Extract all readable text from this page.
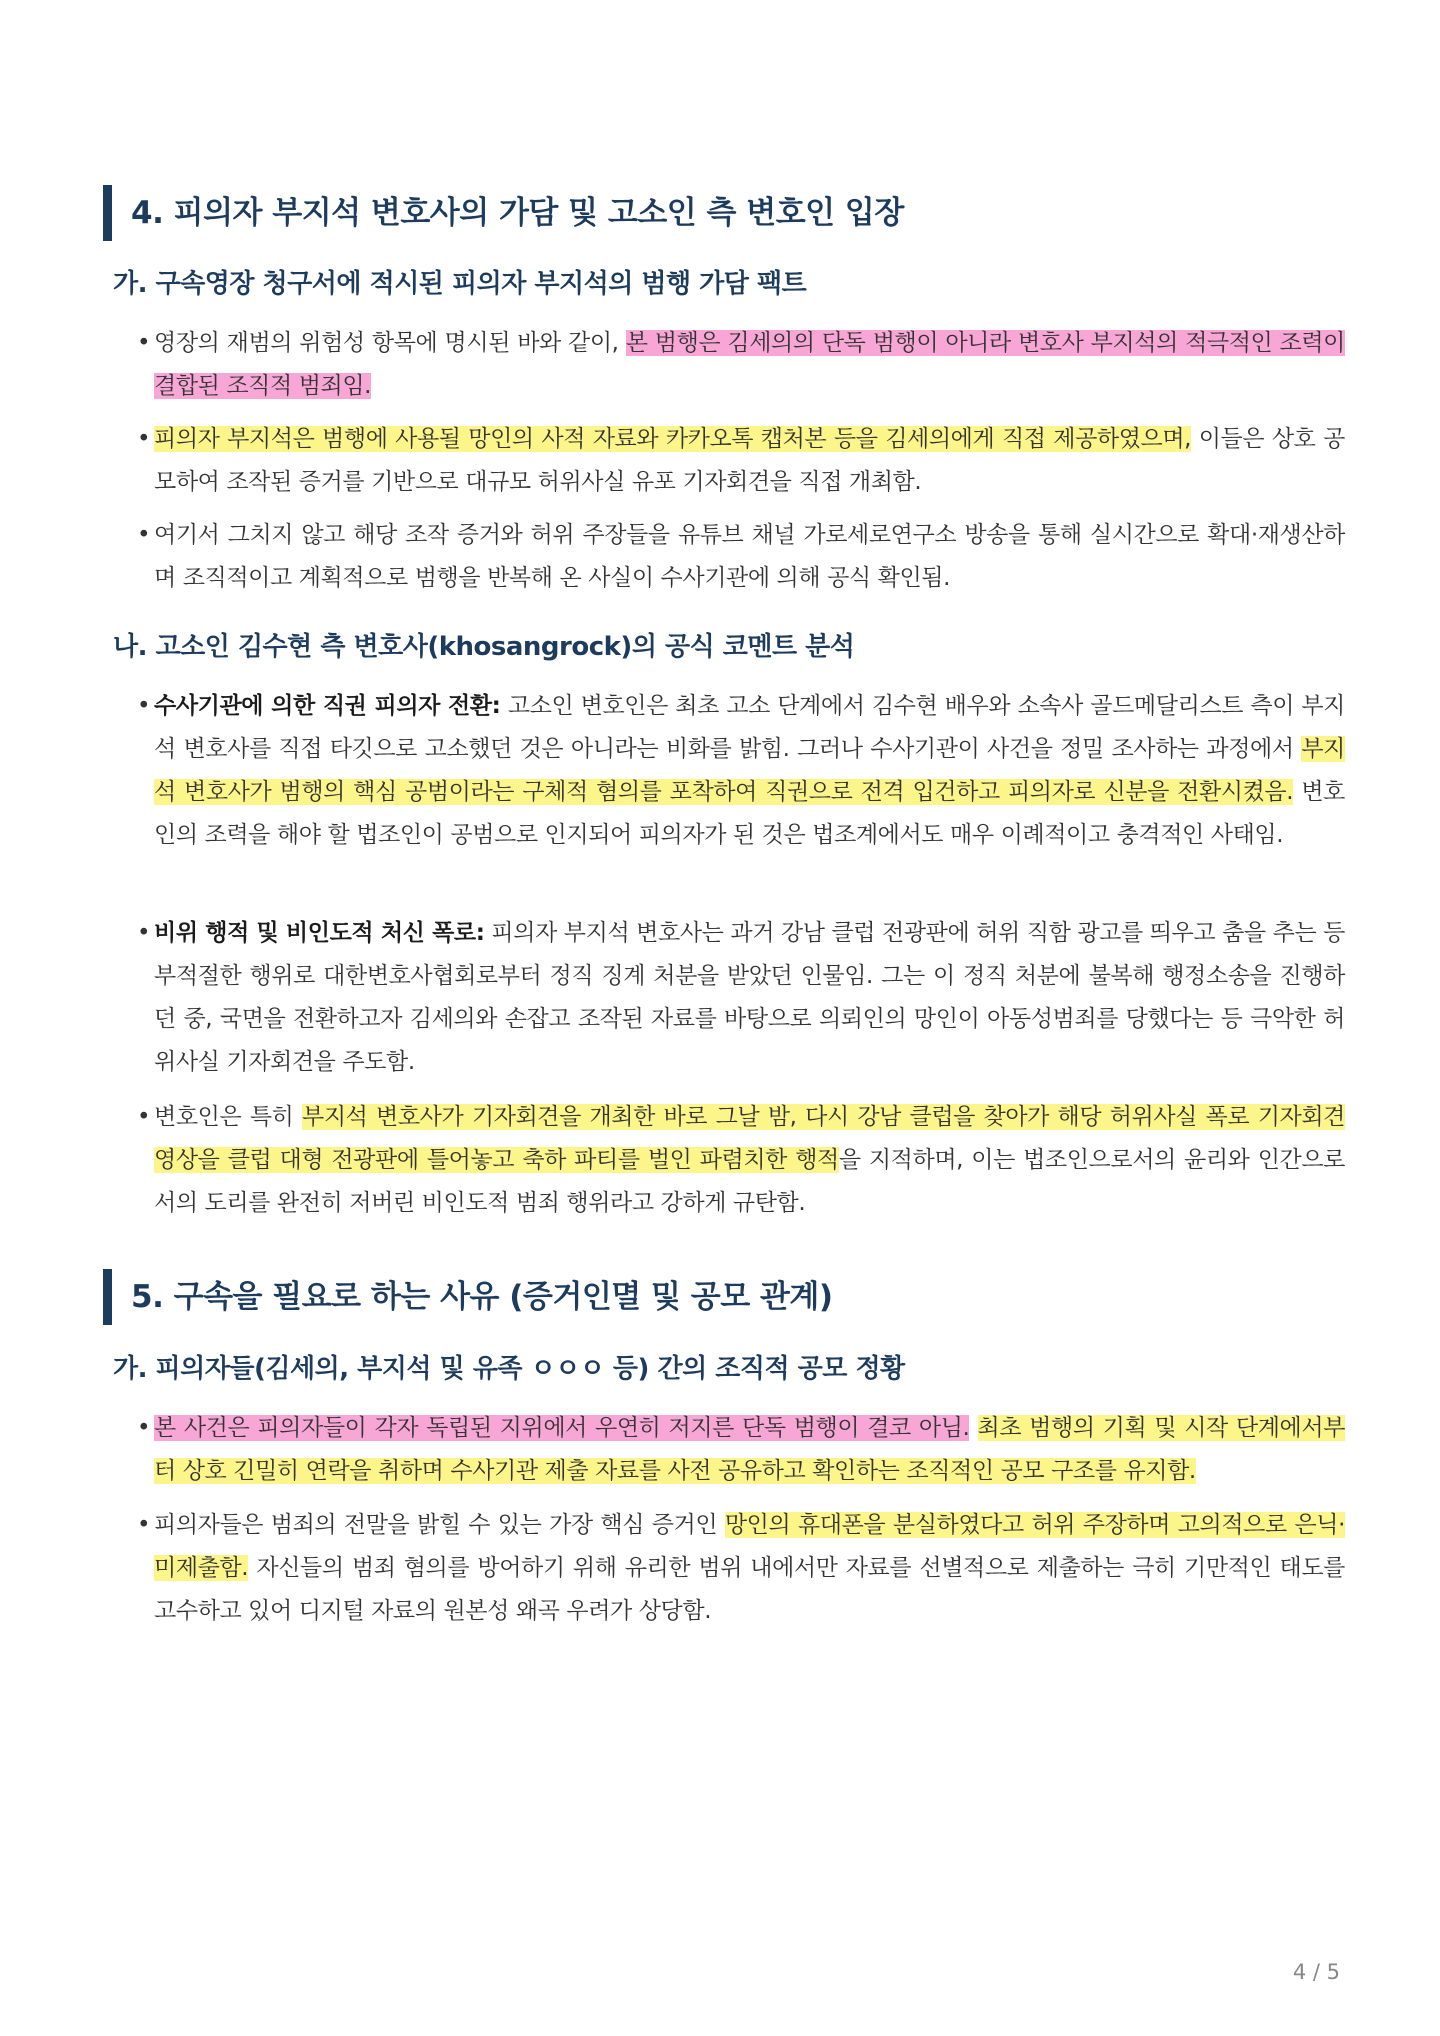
4. 피의자 부지석 변호사의 가담 및 고소인 측 변호인 입장
가. 구속영장 청구서에 적시된 피의자 부지석의 범행 가담 팩트
• 영장의 재범의 위험성 항목에 명시된 바와 같이, 본 범행은 김세의의 단독 범행이 아니라 변호사 부지석의 적극적인 조력이 결합된 조직적 범죄임.
• 피의자 부지석은 범행에 사용될 망인의 사적 자료와 카카오톡 캡처본 등을 김세의에게 직접 제공하였으며, 이들은 상호 공모하여 조작된 증거를 기반으로 대규모 허위사실 유포 기자회견을 직접 개최함.
• 여기서 그치지 않고 해당 조작 증거와 허위 주장들을 유튜브 채널 가로세로연구소 방송을 통해 실시간으로 확대·재생산하며 조직적이고 계획적으로 범행을 반복해 온 사실이 수사기관에 의해 공식 확인됨.
나. 고소인 김수현 측 변호사(khosangrock)의 공식 코멘트 분석
• 수사기관에 의한 직권 피의자 전환: 고소인 변호인은 최초 고소 단계에서 김수현 배우와 소속사 골드메달리스트 측이 부지석 변호사를 직접 타깃으로 고소했던 것은 아니라는 비화를 밝힘. 그러나 수사기관이 사건을 정밀 조사하는 과정에서 부지석 변호사가 범행의 핵심 공범이라는 구체적 혐의를 포착하여 직권으로 전격 입건하고 피의자로 신분을 전환시켰음. 변호인의 조력을 해야 할 법조인이 공범으로 인지되어 피의자가 된 것은 법조계에서도 매우 이례적이고 충격적인 사태임.
• 비위 행적 및 비인도적 처신 폭로: 피의자 부지석 변호사는 과거 강남 클럽 전광판에 허위 직함 광고를 띄우고 춤을 추는 등 부적절한 행위로 대한변호사협회로부터 정직 징계 처분을 받았던 인물임. 그는 이 정직 처분에 불복해 행정소송을 진행하던 중, 국면을 전환하고자 김세의와 손잡고 조작된 자료를 바탕으로 의뢰인의 망인이 아동성범죄를 당했다는 등 극악한 허위사실 기자회견을 주도함.
• 변호인은 특히 부지석 변호사가 기자회견을 개최한 바로 그날 밤, 다시 강남 클럽을 찾아가 해당 허위사실 폭로 기자회견 영상을 클럽 대형 전광판에 틀어놓고 축하 파티를 벌인 파렴치한 행적을 지적하며, 이는 법조인으로서의 윤리와 인간으로서의 도리를 완전히 저버린 비인도적 범죄 행위라고 강하게 규탄함.
5. 구속을 필요로 하는 사유 (증거인멸 및 공모 관계)
가. 피의자들(김세의, 부지석 및 유족 ㅇㅇㅇ 등) 간의 조직적 공모 정황
• 본 사건은 피의자들이 각자 독립된 지위에서 우연히 저지른 단독 범행이 결코 아님. 최초 범행의 기획 및 시작 단계에서부터 상호 긴밀히 연락을 취하며 수사기관 제출 자료를 사전 공유하고 확인하는 조직적인 공모 구조를 유지함.
• 피의자들은 범죄의 전말을 밝힐 수 있는 가장 핵심 증거인 망인의 휴대폰을 분실하였다고 허위 주장하며 고의적으로 은닉·미제출함. 자신들의 범죄 혐의를 방어하기 위해 유리한 범위 내에서만 자료를 선별적으로 제출하는 극히 기만적인 태도를 고수하고 있어 디지털 자료의 원본성 왜곡 우려가 상당함.
4 / 5
